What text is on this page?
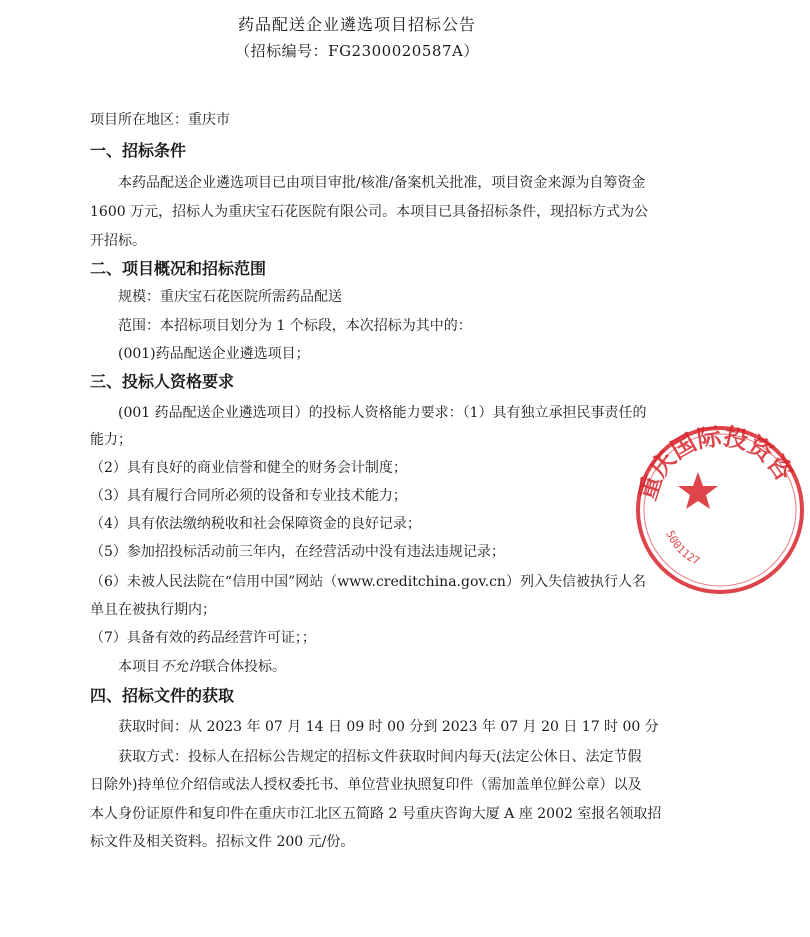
药品配送企业遴选项目招标公告
（招标编号：FG2300020587A）
项目所在地区：重庆市
一、招标条件
本药品配送企业遴选项目已由项目审批/核准/备案机关批准，项目资金来源为自筹资金
1600 万元，招标人为重庆宝石花医院有限公司。本项目已具备招标条件，现招标方式为公
开招标。
二、项目概况和招标范围
规模：重庆宝石花医院所需药品配送
范围：本招标项目划分为 1 个标段，本次招标为其中的：
(001)药品配送企业遴选项目；
三、投标人资格要求
(001 药品配送企业遴选项目）的投标人资格能力要求：（1）具有独立承担民事责任的
能力；
（2）具有良好的商业信誉和健全的财务会计制度；
（3）具有履行合同所必须的设备和专业技术能力；
（4）具有依法缴纳税收和社会保障资金的良好记录；
（5）参加招投标活动前三年内，在经营活动中没有违法违规记录；
（6）未被人民法院在“信用中国”网站（www.creditchina.gov.cn）列入失信被执行人名
单且在被执行期内；
（7）具备有效的药品经营许可证；；
本项目不允许联合体投标。
四、招标文件的获取
获取时间：从 2023 年 07 月 14 日 09 时 00 分到 2023 年 07 月 20 日 17 时 00 分
获取方式：投标人在招标公告规定的招标文件获取时间内每天(法定公休日、法定节假
日除外)持单位介绍信或法人授权委托书、单位营业执照复印件（需加盖单位鲜公章）以及
本人身份证原件和复印件在重庆市江北区五简路 2 号重庆咨询大厦 A 座 2002 室报名领取招
标文件及相关资料。招标文件 200 元/份。
重庆国际投资咨
5001127
